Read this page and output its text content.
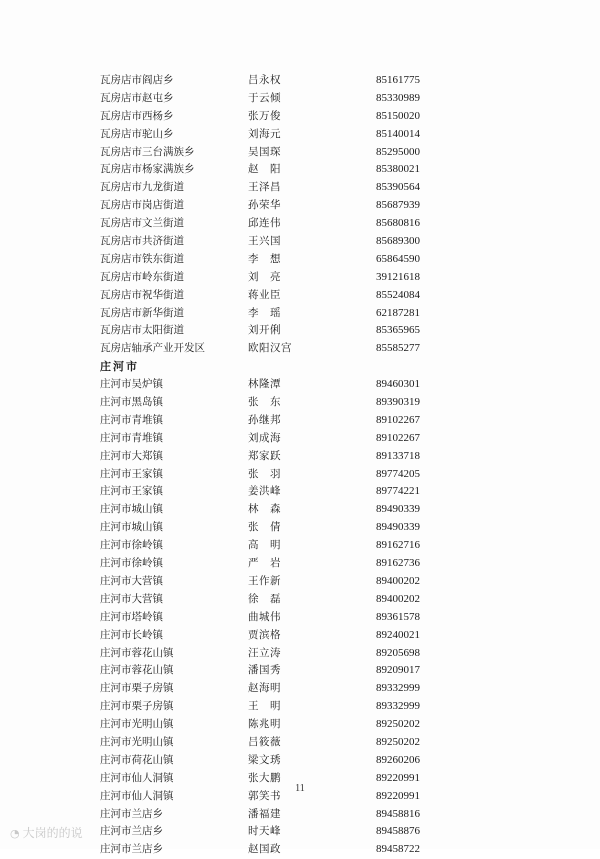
瓦房店市阎店乡	吕永权	85161775
瓦房店市赵屯乡	于云倾	85330989
瓦房店市西杨乡	张万俊	85150020
瓦房店市驼山乡	刘海元	85140014
瓦房店市三台满族乡	吴国琛	85295000
瓦房店市杨家满族乡	赵　阳	85380021
瓦房店市九龙街道	王泽昌	85390564
瓦房店市岗店街道	孙荣华	85687939
瓦房店市文兰街道	邱连伟	85680816
瓦房店市共济街道	王兴国	85689300
瓦房店市铁东街道	李　想	65864590
瓦房店市岭东街道	刘　亮	39121618
瓦房店市祝华街道	蒋业臣	85524084
瓦房店市新华街道	李　瑶	62187281
瓦房店市太阳街道	刘开俐	85365965
瓦房店轴承产业开发区	欧阳汉宫	85585277
庄河市
庄河市吴炉镇	林隆潭	89460301
庄河市黑岛镇	张　东	89390319
庄河市青堆镇	孙继邦	89102267
庄河市青堆镇	刘成海	89102267
庄河市大郑镇	郑家跃	89133718
庄河市王家镇	张　羽	89774205
庄河市王家镇	姜洪峰	89774221
庄河市城山镇	林　森	89490339
庄河市城山镇	张　倩	89490339
庄河市徐岭镇	高　明	89162716
庄河市徐岭镇	严　岩	89162736
庄河市大营镇	王作新	89400202
庄河市大营镇	徐　磊	89400202
庄河市塔岭镇	曲城伟	89361578
庄河市长岭镇	贾滨格	89240021
庄河市蓉花山镇	汪立涛	89205698
庄河市蓉花山镇	潘国秀	89209017
庄河市栗子房镇	赵海明	89332999
庄河市栗子房镇	王　明	89332999
庄河市光明山镇	陈兆明	89250202
庄河市光明山镇	吕筱薇	89250202
庄河市荷花山镇	梁文琇	89260206
庄河市仙人洞镇	张大鹏	89220991
庄河市仙人洞镇	郭笑书	89220991
庄河市兰店乡	潘福建	89458816
庄河市兰店乡	时天峰	89458876
庄河市兰店乡	赵国政	89458722
11
◔ 大岗的的说
